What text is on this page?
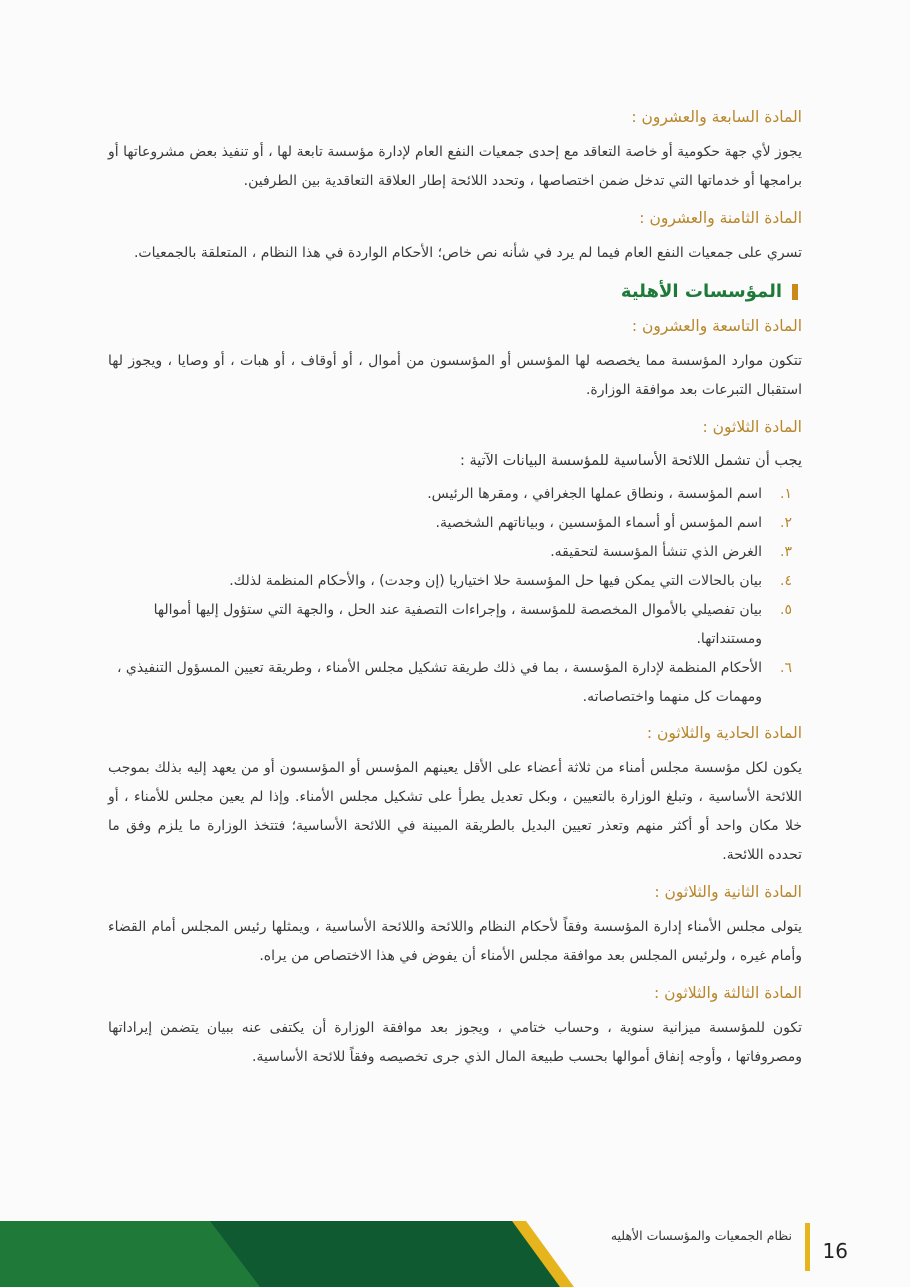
المادة السابعة والعشرون :

يجوز لأي جهة حكومية أو خاصة التعاقد مع إحدى جمعيات النفع العام لإدارة مؤسسة تابعة لها ، أو تنفيذ بعض مشروعاتها أو برامجها أو خدماتها التي تدخل ضمن اختصاصها ، وتحدد اللائحة إطار العلاقة التعاقدية بين الطرفين.

المادة الثامنة والعشرون :

تسري على جمعيات النفع العام فيما لم يرد في شأنه نص خاص؛ الأحكام الواردة في هذا النظام ، المتعلقة بالجمعيات.

المؤسسات الأهلية
المادة التاسعة والعشرون :

تتكون موارد المؤسسة مما يخصصه لها المؤسس أو المؤسسون من أموال ، أو أوقاف ، أو هبات ، أو وصايا ، ويجوز لها استقبال التبرعات بعد موافقة الوزارة.

المادة الثلاثون :
يجب أن تشمل اللائحة الأساسية للمؤسسة البيانات الآتية :
١.
اسم المؤسسة ، ونطاق عملها الجغرافي ، ومقرها الرئيس.
٢.
اسم المؤسس أو أسماء المؤسسين ، وبياناتهم الشخصية.
٣.
الغرض الذي تنشأ المؤسسة لتحقيقه.
٤.
بيان بالحالات التي يمكن فيها حل المؤسسة حلا اختياريا (إن وجدت) ، والأحكام المنظمة لذلك.
٥.
بيان تفصيلي بالأموال المخصصة للمؤسسة ، وإجراءات التصفية عند الحل ، والجهة التي ستؤول إليها أموالها ومستنداتها.
٦.
الأحكام المنظمة لإدارة المؤسسة ، بما في ذلك طريقة تشكيل مجلس الأمناء ، وطريقة تعيين المسؤول التنفيذي ، ومهمات كل منهما واختصاصاته.
المادة الحادية والثلاثون :

يكون لكل مؤسسة مجلس أمناء من ثلاثة أعضاء على الأقل يعينهم المؤسس أو المؤسسون أو من يعهد إليه بذلك بموجب اللائحة الأساسية ، وتبلغ الوزارة بالتعيين ، وبكل تعديل يطرأ على تشكيل مجلس الأمناء. وإذا لم يعين مجلس للأمناء ، أو خلا مكان واحد أو أكثر منهم وتعذر تعيين البديل بالطريقة المبينة في اللائحة الأساسية؛ فتتخذ الوزارة ما يلزم وفق ما تحدده اللائحة.

المادة الثانية والثلاثون :

يتولى مجلس الأمناء إدارة المؤسسة وفقاً لأحكام النظام واللائحة واللائحة الأساسية ، ويمثلها رئيس المجلس أمام القضاء وأمام غيره ، ولرئيس المجلس بعد موافقة مجلس الأمناء أن يفوض في هذا الاختصاص من يراه.

المادة الثالثة والثلاثون :

تكون للمؤسسة ميزانية سنوية ، وحساب ختامي ، ويجوز بعد موافقة الوزارة أن يكتفى عنه ببيان يتضمن إيراداتها ومصروفاتها ، وأوجه إنفاق أموالها بحسب طبيعة المال الذي جرى تخصيصه وفقاً للائحة الأساسية.

نظام الجمعيات والمؤسسات الأهليه
16
